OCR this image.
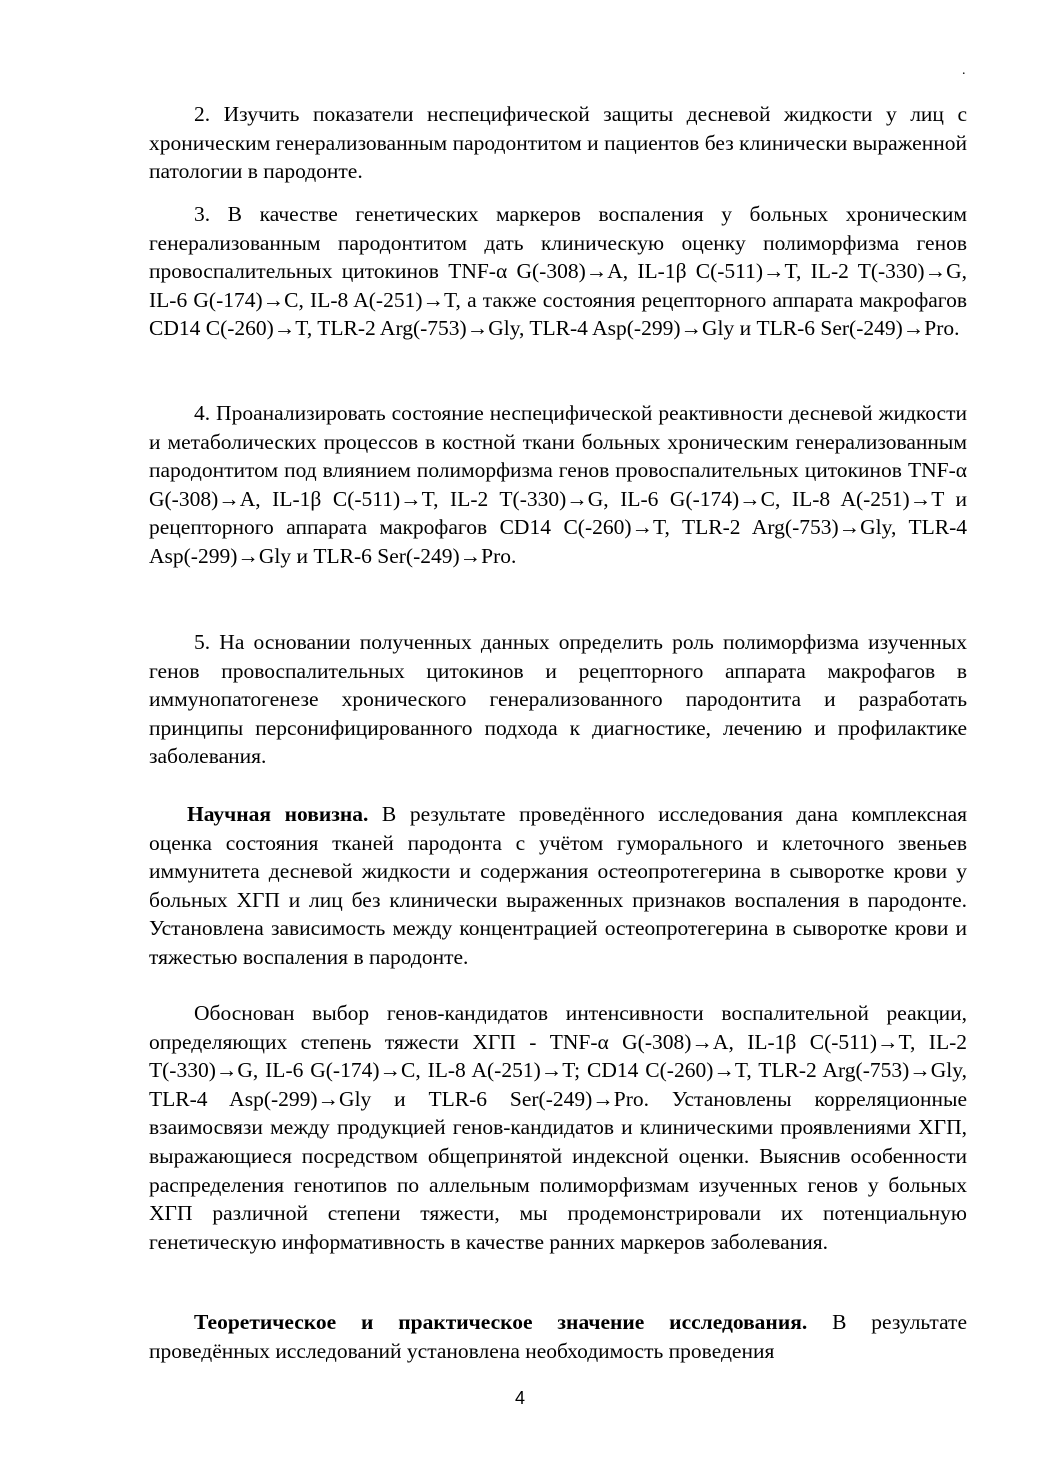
.

2. Изучить показатели неспецифической защиты десневой жидкости у лиц с хроническим генерализованным пародонтитом и пациентов без клинически выраженной патологии в пародонте.

3. В качестве генетических маркеров воспаления у больных хроническим генерализованным пародонтитом дать клиническую оценку полиморфизма генов провоспалительных цитокинов TNF-α G(-308)→A, IL-1β C(-511)→T, IL-2 T(-330)→G, IL-6 G(-174)→C, IL-8 A(-251)→T, а также состояния рецепторного аппарата макрофагов CD14 C(-260)→T, TLR-2 Arg(-753)→Gly, TLR-4 Asp(-299)→Gly и TLR-6 Ser(-249)→Pro.

4. Проанализировать состояние неспецифической реактивности десневой жидкости и метаболических процессов в костной ткани больных хроническим генерализованным пародонтитом под влиянием полиморфизма генов провоспалительных цитокинов TNF-α G(-308)→A, IL-1β C(-511)→T, IL-2 T(-330)→G, IL-6 G(-174)→C, IL-8 A(-251)→T и рецепторного аппарата макрофагов CD14 C(-260)→T, TLR-2 Arg(-753)→Gly, TLR-4 Asp(-299)→Gly и TLR-6 Ser(-249)→Pro.

5. На основании полученных данных определить роль полиморфизма изученных генов провоспалительных цитокинов и рецепторного аппарата макрофагов в иммунопатогенезе хронического генерализованного пародонтита и разработать принципы персонифицированного подхода к диагностике, лечению и профилактике заболевания.

Научная новизна. В результате проведённого исследования дана комплексная оценка состояния тканей пародонта с учётом гуморального и клеточного звеньев иммунитета десневой жидкости и содержания остеопротегерина в сыворотке крови у больных ХГП и лиц без клинически выраженных признаков воспаления в пародонте. Установлена зависимость между концентрацией остеопротегерина в сыворотке крови и тяжестью воспаления в пародонте.

Обоснован выбор генов-кандидатов интенсивности воспалительной реакции, определяющих степень тяжести ХГП - TNF-α G(-308)→A, IL-1β C(-511)→T, IL-2 T(-330)→G, IL-6 G(-174)→C, IL-8 A(-251)→T; CD14 C(-260)→T, TLR-2 Arg(-753)→Gly, TLR-4 Asp(-299)→Gly и TLR-6 Ser(-249)→Pro. Установлены корреляционные взаимосвязи между продукцией генов-кандидатов и клиническими проявлениями ХГП, выражающиеся посредством общепринятой индексной оценки. Выяснив особенности распределения генотипов по аллельным полиморфизмам изученных генов у больных ХГП различной степени тяжести, мы продемонстрировали их потенциальную генетическую информативность в качестве ранних маркеров заболевания.

Теоретическое и практическое значение исследования. В результате проведённых исследований установлена необходимость проведения

4
